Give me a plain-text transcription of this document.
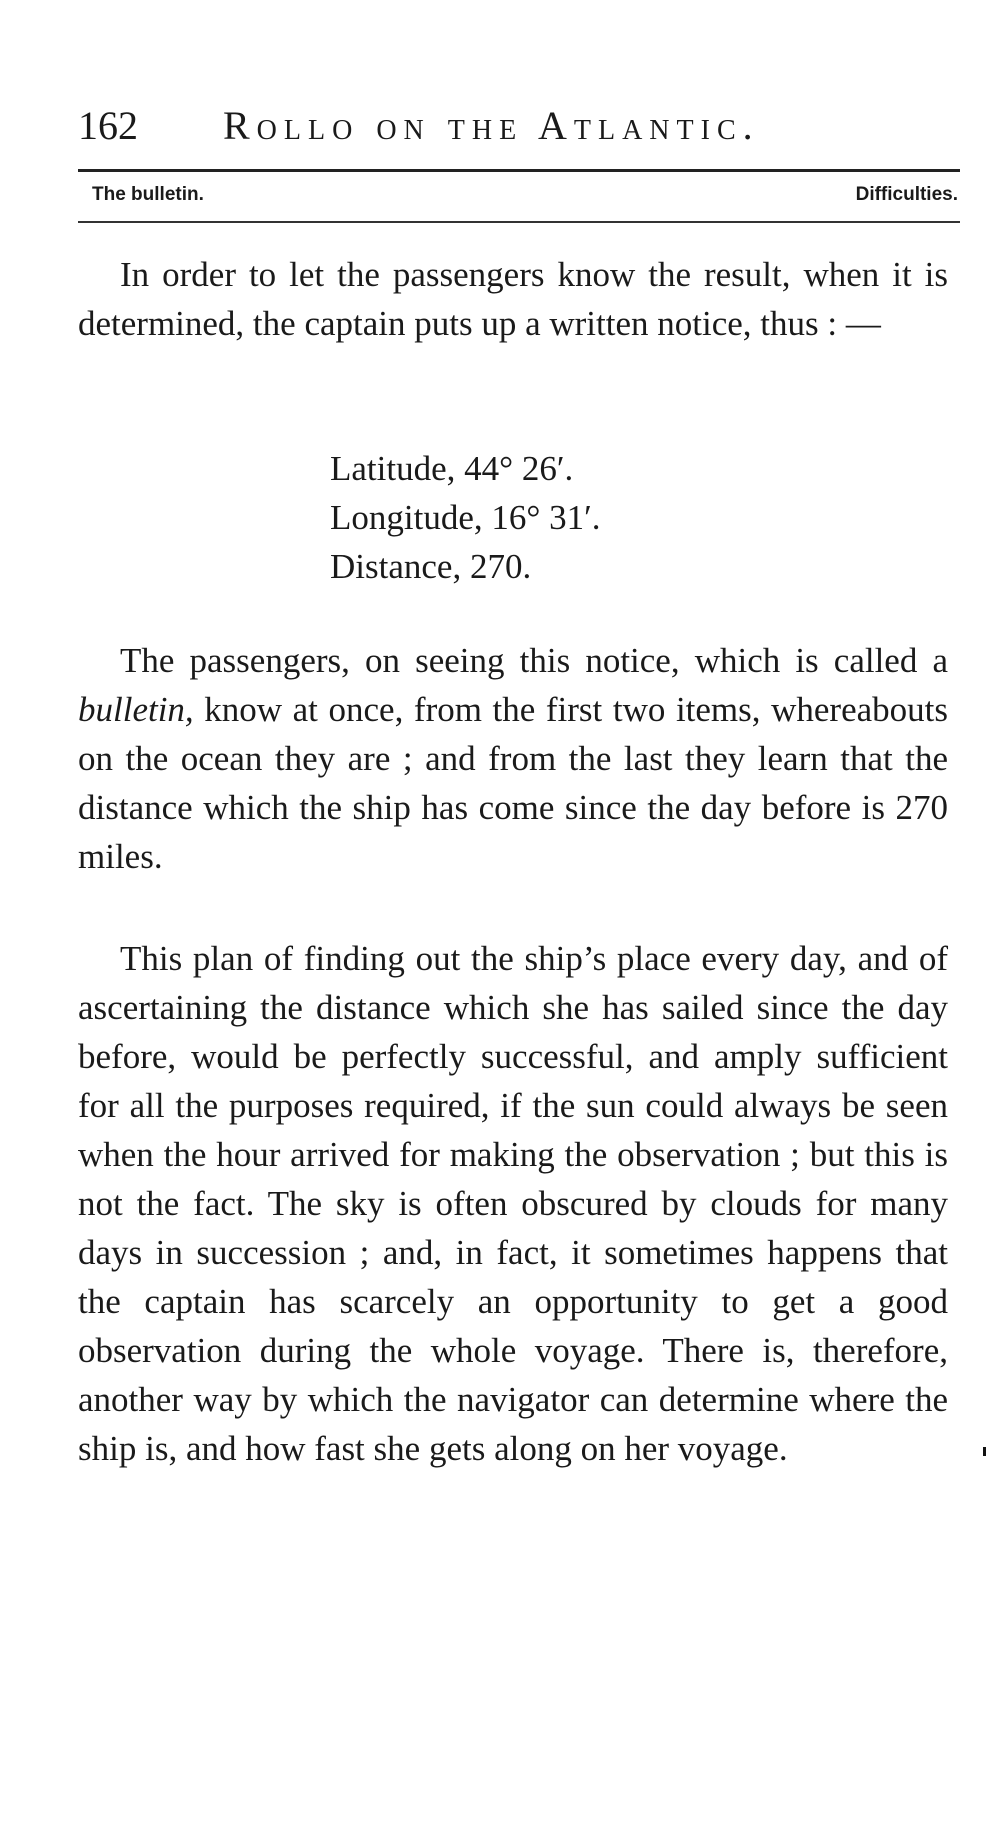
162 Rollo on the Atlantic.
The bulletin.	Difficulties.

In order to let the passengers know the result, when it is determined, the captain puts up a written notice, thus : —

Latitude, 44° 26′.
Longitude, 16° 31′.
Distance, 270.

The passengers, on seeing this notice, which is called a bulletin, know at once, from the first two items, whereabouts on the ocean they are ; and from the last they learn that the distance which the ship has come since the day before is 270 miles.

This plan of finding out the ship’s place every day, and of ascertaining the distance which she has sailed since the day before, would be perfectly successful, and amply sufficient for all the purposes required, if the sun could always be seen when the hour arrived for making the observation ; but this is not the fact. The sky is often obscured by clouds for many days in succession ; and, in fact, it sometimes happens that the captain has scarcely an opportunity to get a good observation during the whole voyage. There is, therefore, another way by which the navigator can determine where the ship is, and how fast she gets along on her voyage.
